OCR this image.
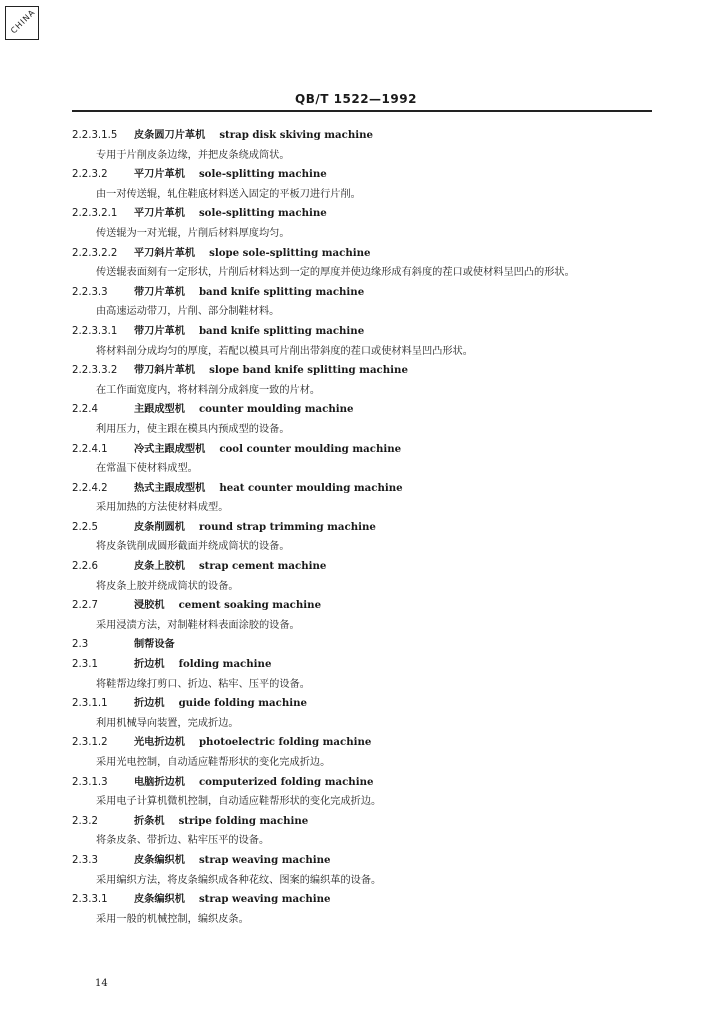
CHINA
QB/T 1522—1992
2.2.3.1.5 皮条圆刀片革机 strap disk skiving machine
专用于片削皮条边缘，并把皮条绕成筒状。
2.2.3.2	平刀片革机 sole-splitting machine
由一对传送辊，轧住鞋底材料送入固定的平板刀进行片削。
2.2.3.2.1 平刀片革机 sole-splitting machine
传送辊为一对光辊，片削后材料厚度均匀。
2.2.3.2.2 平刀斜片革机 slope sole-splitting machine
传送辊表面刻有一定形状，片削后材料达到一定的厚度并使边缘形成有斜度的茬口或使材料呈凹凸的形状。
2.2.3.3	带刀片革机 band knife splitting machine
由高速运动带刀，片削、部分制鞋材料。
2.2.3.3.1 带刀片革机 band knife splitting machine
将材料剖分成均匀的厚度，若配以模具可片削出带斜度的茬口或使材料呈凹凸形状。
2.2.3.3.2 带刀斜片革机 slope band knife splitting machine
在工作面宽度内，将材料剖分成斜度一致的片材。
2.2.4	主跟成型机 counter moulding machine
利用压力，使主跟在模具内预成型的设备。
2.2.4.1	冷式主跟成型机 cool counter moulding machine
在常温下使材料成型。
2.2.4.2	热式主跟成型机 heat counter moulding machine
采用加热的方法使材料成型。
2.2.5	皮条削圆机 round strap trimming machine
将皮条铣削成圆形截面并绕成筒状的设备。
2.2.6	皮条上胶机 strap cement machine
将皮条上胶并绕成筒状的设备。
2.2.7	浸胶机 cement soaking machine
采用浸渍方法，对制鞋材料表面涂胶的设备。
2.3	制帮设备
2.3.1	折边机 folding machine
将鞋帮边缘打剪口、折边、粘牢、压平的设备。
2.3.1.1	折边机 guide folding machine
利用机械导向装置，完成折边。
2.3.1.2	光电折边机 photoelectric folding machine
采用光电控制，自动适应鞋帮形状的变化完成折边。
2.3.1.3	电脑折边机 computerized folding machine
采用电子计算机微机控制，自动适应鞋帮形状的变化完成折边。
2.3.2	折条机 stripe folding machine
将条皮条、带折边、粘牢压平的设备。
2.3.3	皮条编织机 strap weaving machine
采用编织方法，将皮条编织成各种花纹、图案的编织革的设备。
2.3.3.1	皮条编织机 strap weaving machine
采用一般的机械控制，编织皮条。
14
